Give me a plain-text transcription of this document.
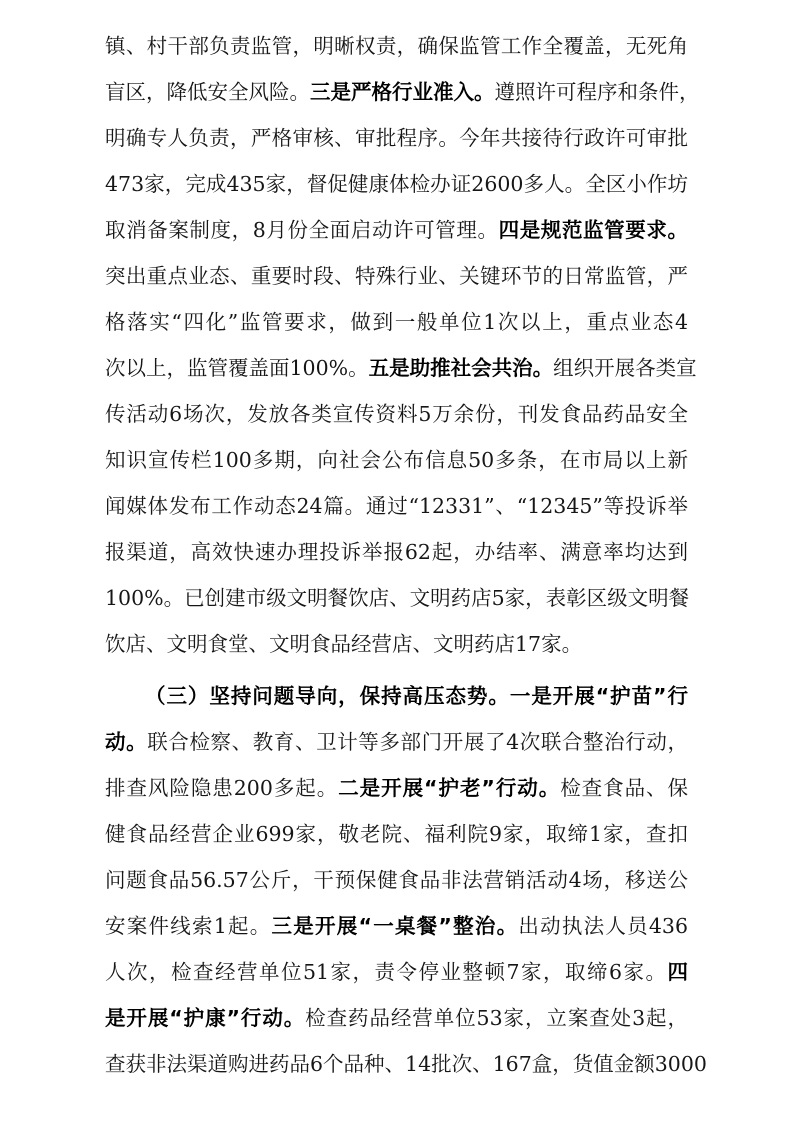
镇、村干部负责监管，明晰权责，确保监管工作全覆盖，无死角
盲区，降低安全风险。三是严格行业准入。遵照许可程序和条件，
明确专人负责，严格审核、审批程序。今年共接待行政许可审批
473家，完成435家，督促健康体检办证2600多人。全区小作坊
取消备案制度，8月份全面启动许可管理。四是规范监管要求。
突出重点业态、重要时段、特殊行业、关键环节的日常监管，严
格落实“四化”监管要求，做到一般单位1次以上，重点业态4
次以上，监管覆盖面100%。五是助推社会共治。组织开展各类宣
传活动6场次，发放各类宣传资料5万余份，刊发食品药品安全
知识宣传栏100多期，向社会公布信息50多条，在市局以上新
闻媒体发布工作动态24篇。通过“12331”、“12345”等投诉举
报渠道，高效快速办理投诉举报62起，办结率、满意率均达到
100%。已创建市级文明餐饮店、文明药店5家，表彰区级文明餐
饮店、文明食堂、文明食品经营店、文明药店17家。
（三）坚持问题导向，保持高压态势。一是开展“护苗”行
动。联合检察、教育、卫计等多部门开展了4次联合整治行动，
排查风险隐患200多起。二是开展“护老”行动。检查食品、保
健食品经营企业699家，敬老院、福利院9家，取缔1家，查扣
问题食品56.57公斤，干预保健食品非法营销活动4场，移送公
安案件线索1起。三是开展“一桌餐”整治。出动执法人员436
人次，检查经营单位51家，责令停业整顿7家，取缔6家。四
是开展“护康”行动。检查药品经营单位53家，立案查处3起，
查获非法渠道购进药品6个品种、14批次、167盒，货值金额3000
